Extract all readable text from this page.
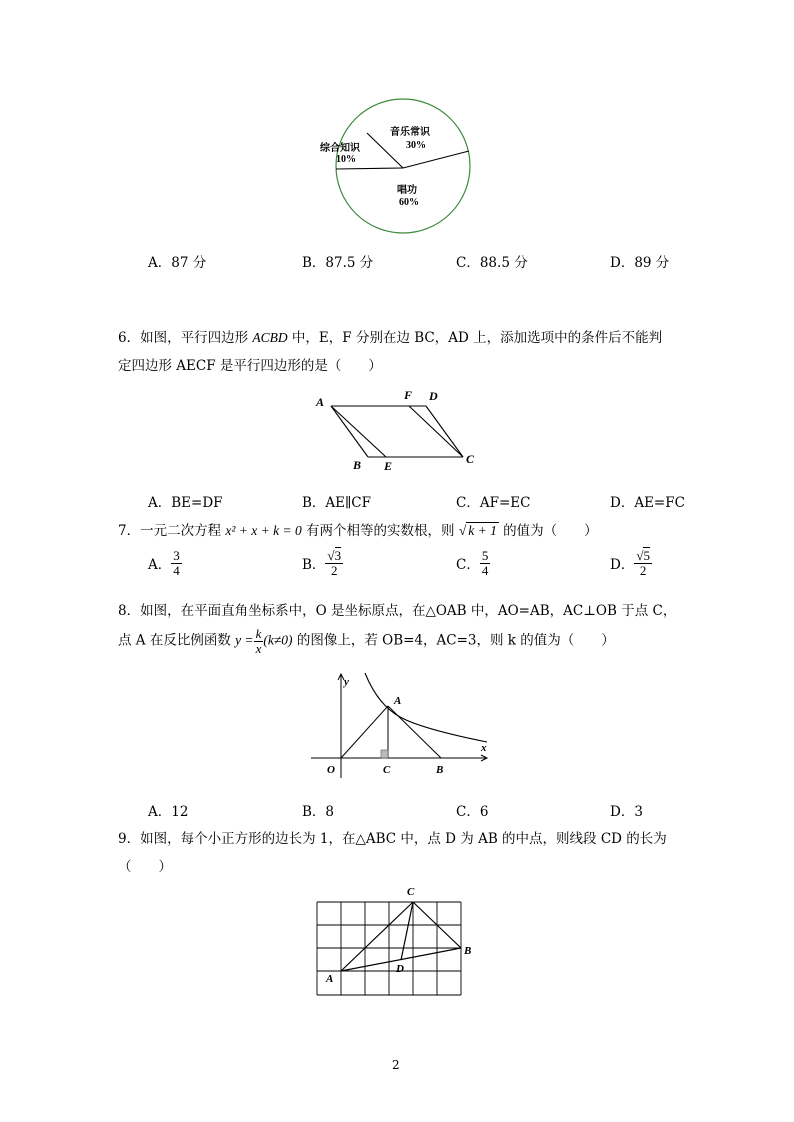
音乐常识
30%
唱功
60%
综合知识
10%
A．87 分	B．87.5 分	C．88.5 分	D．89 分
6．如图，平行四边形 ACBD 中，E，F 分别在边 BC，AD 上，添加选项中的条件后不能判
定四边形 AECF 是平行四边形的是（　　）
A	F D
B E	C
A．BE=DF	B．AE∥CF	C．AF=EC	D．AE=FC
7．一元二次方程 x² + x + k = 0 有两个相等的实数根，则 √ k + 1 的值为（　　）
A． $\frac{3}{4}$	B． $\frac{√3}{2}$	C． $\frac{5}{4}$	D． $\frac{√5}{2}$
8．如图，在平面直角坐标系中，O 是坐标原点，在△OAB 中，AO=AB，AC⊥OB 于点 C，
点 A 在反比例函数 $y = \frac{k}{x} (k\ne 0)$ 的图像上，若 OB=4，AC=3，则 k 的值为（　　）
y
x
A
O	C	B
A．12	B．8	C．6	D．3
9．如图，每个小正方形的边长为 1，在△ABC 中，点 D 为 AB 的中点，则线段 CD 的长为
（　　）
C
B
A
D
2
